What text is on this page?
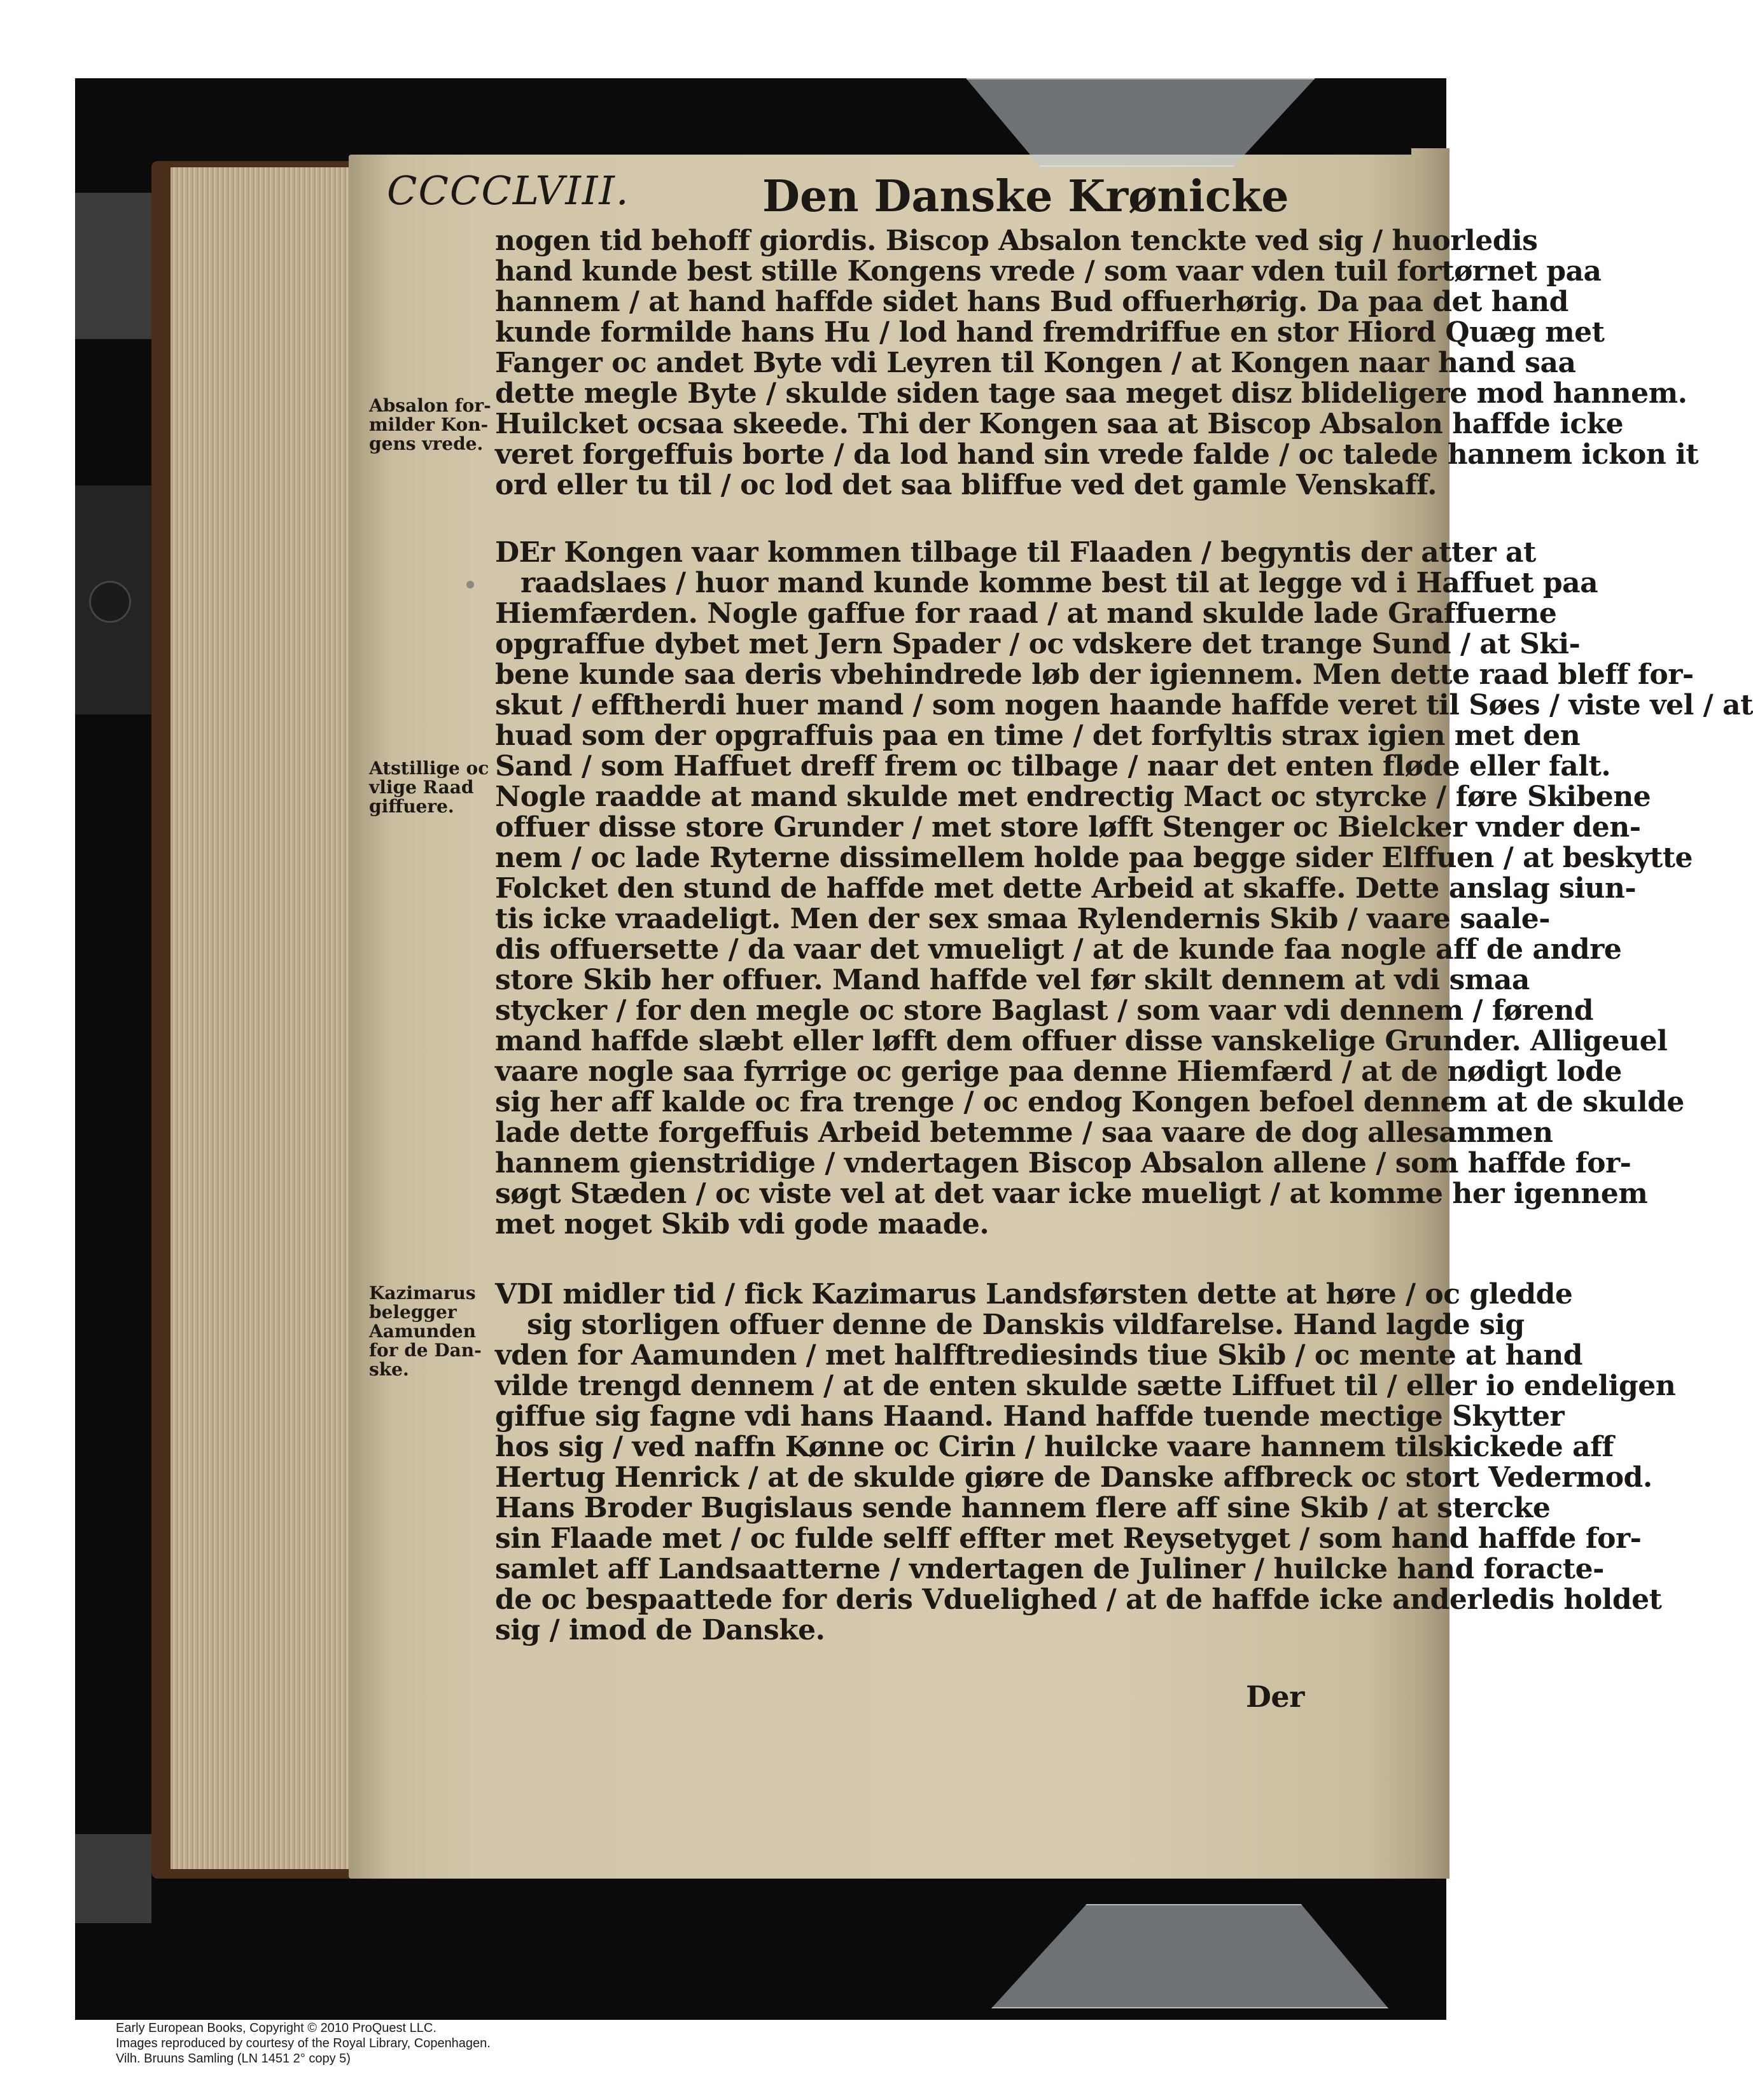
CCCCLVIII.	Den Danske Krønicke
nogen tid behoff giordis. Biscop Absalon tenckte ved sig / huorledis
hand kunde best stille Kongens vrede / som vaar vden tuil fortørnet paa
hannem / at hand haffde sidet hans Bud offuerhørig. Da paa det hand
kunde formilde hans Hu / lod hand fremdriffue en stor Hiord Quæg met
Fanger oc andet Byte vdi Leyren til Kongen / at Kongen naar hand saa
dette megle Byte / skulde siden tage saa meget disz blideligere mod hannem.
Huilcket ocsaa skeede. Thi der Kongen saa at Biscop Absalon haffde icke
veret forgeffuis borte / da lod hand sin vrede falde / oc talede hannem ickon it
ord eller tu til / oc lod det saa bliffue ved det gamle Venskaff.
DEr Kongen vaar kommen tilbage til Flaaden / begyntis der atter at
raadslaes / huor mand kunde komme best til at legge vd i Haffuet paa
Hiemfærden. Nogle gaffue for raad / at mand skulde lade Graffuerne
opgraffue dybet met Jern Spader / oc vdskere det trange Sund / at Ski-
bene kunde saa deris vbehindrede løb der igiennem. Men dette raad bleff for-
skut / efftherdi huer mand / som nogen haande haffde veret til Søes / viste vel / at
huad som der opgraffuis paa en time / det forfyltis strax igien met den
Sand / som Haffuet dreff frem oc tilbage / naar det enten fløde eller falt.
Nogle raadde at mand skulde met endrectig Mact oc styrcke / føre Skibene
offuer disse store Grunder / met store løfft Stenger oc Bielcker vnder den-
nem / oc lade Ryterne dissimellem holde paa begge sider Elffuen / at beskytte
Folcket den stund de haffde met dette Arbeid at skaffe. Dette anslag siun-
tis icke vraadeligt. Men der sex smaa Rylendernis Skib / vaare saale-
dis offuersette / da vaar det vmueligt / at de kunde faa nogle aff de andre
store Skib her offuer. Mand haffde vel før skilt dennem at vdi smaa
stycker / for den megle oc store Baglast / som vaar vdi dennem / førend
mand haffde slæbt eller løfft dem offuer disse vanskelige Grunder. Alligeuel
vaare nogle saa fyrrige oc gerige paa denne Hiemfærd / at de nødigt lode
sig her aff kalde oc fra trenge / oc endog Kongen befoel dennem at de skulde
lade dette forgeffuis Arbeid betemme / saa vaare de dog allesammen
hannem gienstridige / vndertagen Biscop Absalon allene / som haffde for-
søgt Stæden / oc viste vel at det vaar icke mueligt / at komme her igennem
met noget Skib vdi gode maade.
VDI midler tid / fick Kazimarus Landsførsten dette at høre / oc gledde
sig storligen offuer denne de Danskis vildfarelse. Hand lagde sig
vden for Aamunden / met halfftrediesinds tiue Skib / oc mente at hand
vilde trengd dennem / at de enten skulde sætte Liffuet til / eller io endeligen
giffue sig fagne vdi hans Haand. Hand haffde tuende mectige Skytter
hos sig / ved naffn Kønne oc Cirin / huilcke vaare hannem tilskickede aff
Hertug Henrick / at de skulde giøre de Danske affbreck oc stort Vedermod.
Hans Broder Bugislaus sende hannem flere aff sine Skib / at stercke
sin Flaade met / oc fulde selff effter met Reysetyget / som hand haffde for-
samlet aff Landsaatterne / vndertagen de Juliner / huilcke hand foracte-
de oc bespaattede for deris Vduelighed / at de haffde icke anderledis holdet
sig / imod de Danske.
Absalon for-
milder Kon-
gens vrede.
Atstillige oc
vlige Raad
giffuere.
Kazimarus
belegger
Aamunden
for de Dan-
ske.
Der
Early European Books, Copyright © 2010 ProQuest LLC.
Images reproduced by courtesy of the Royal Library, Copenhagen.
Vilh. Bruuns Samling (LN 1451 2° copy 5)
